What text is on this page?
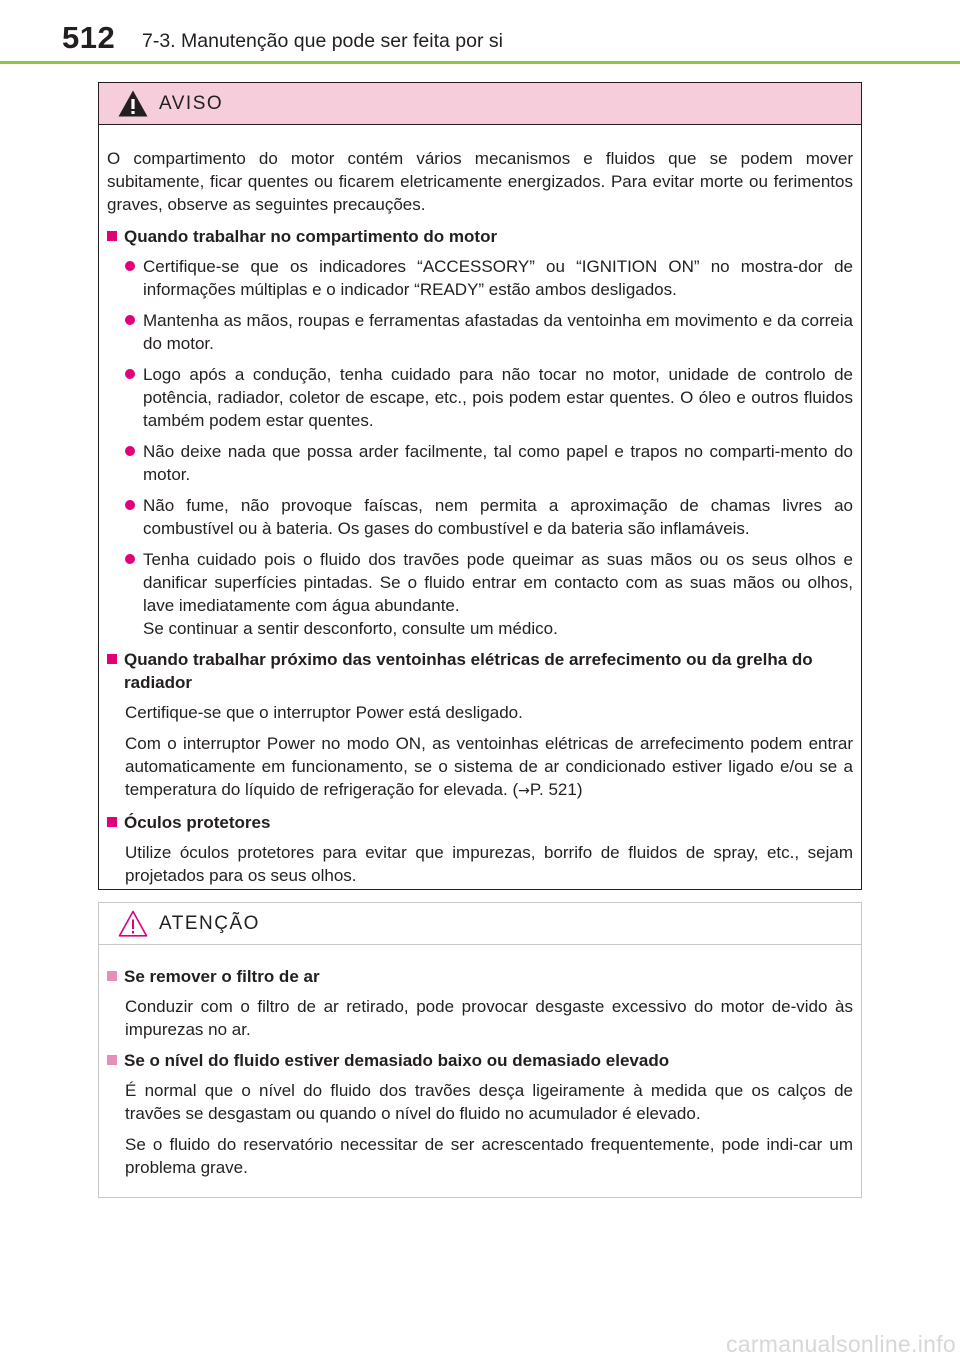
512 7-3. Manutenção que pode ser feita por si
AVISO

O compartimento do motor contém vários mecanismos e fluidos que se podem mover subitamente, ficar quentes ou ficarem eletricamente energizados. Para evitar morte ou ferimentos graves, observe as seguintes precauções.

Quando trabalhar no compartimento do motor

Certifique-se que os indicadores “ACCESSORY” ou “IGNITION ON” no mostra-dor de informações múltiplas e o indicador “READY” estão ambos desligados.

Mantenha as mãos, roupas e ferramentas afastadas da ventoinha em movimento e da correia do motor.

Logo após a condução, tenha cuidado para não tocar no motor, unidade de controlo de potência, radiador, coletor de escape, etc., pois podem estar quentes. O óleo e outros fluidos também podem estar quentes.

Não deixe nada que possa arder facilmente, tal como papel e trapos no comparti-mento do motor.

Não fume, não provoque faíscas, nem permita a aproximação de chamas livres ao combustível ou à bateria. Os gases do combustível e da bateria são inflamáveis.

Tenha cuidado pois o fluido dos travões pode queimar as suas mãos ou os seus olhos e danificar superfícies pintadas. Se o fluido entrar em contacto com as suas mãos ou olhos, lave imediatamente com água abundante.
Se continuar a sentir desconforto, consulte um médico.

Quando trabalhar próximo das ventoinhas elétricas de arrefecimento ou da grelha do radiador

Certifique-se que o interruptor Power está desligado.

Com o interruptor Power no modo ON, as ventoinhas elétricas de arrefecimento podem entrar automaticamente em funcionamento, se o sistema de ar condicionado estiver ligado e/ou se a temperatura do líquido de refrigeração for elevada. (→P. 521)

Óculos protetores

Utilize óculos protetores para evitar que impurezas, borrifo de fluidos de spray, etc., sejam projetados para os seus olhos.

ATENÇÃO
Se remover o filtro de ar

Conduzir com o filtro de ar retirado, pode provocar desgaste excessivo do motor de-vido às impurezas no ar.

Se o nível do fluido estiver demasiado baixo ou demasiado elevado

É normal que o nível do fluido dos travões desça ligeiramente à medida que os calços de travões se desgastam ou quando o nível do fluido no acumulador é elevado.

Se o fluido do reservatório necessitar de ser acrescentado frequentemente, pode indi-car um problema grave.

carmanualsonline.info
